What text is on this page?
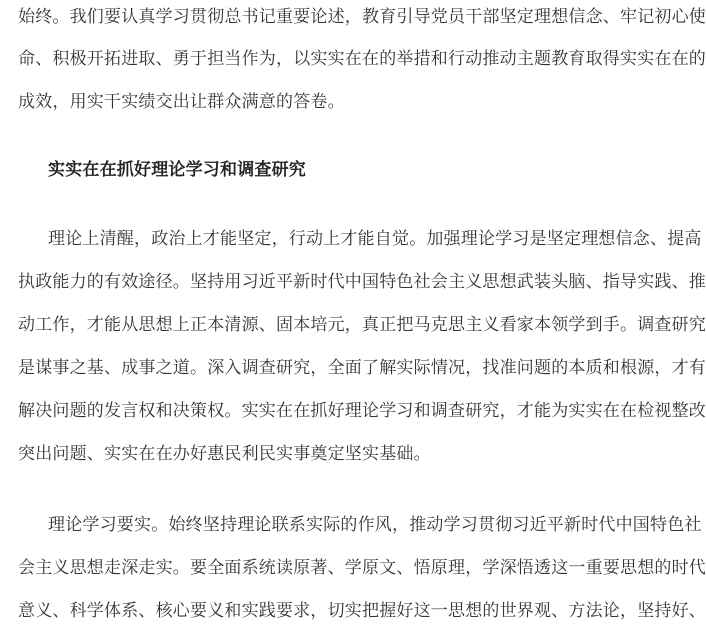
始终。我们要认真学习贯彻总书记重要论述，教育引导党员干部坚定理想信念、牢记初心使
命、积极开拓进取、勇于担当作为，以实实在在的举措和行动推动主题教育取得实实在在的
成效，用实干实绩交出让群众满意的答卷。
实实在在抓好理论学习和调查研究
理论上清醒，政治上才能坚定，行动上才能自觉。加强理论学习是坚定理想信念、提高
执政能力的有效途径。坚持用习近平新时代中国特色社会主义思想武装头脑、指导实践、推
动工作，才能从思想上正本清源、固本培元，真正把马克思主义看家本领学到手。调查研究
是谋事之基、成事之道。深入调查研究，全面了解实际情况，找准问题的本质和根源，才有
解决问题的发言权和决策权。实实在在抓好理论学习和调查研究，才能为实实在在检视整改
突出问题、实实在在办好惠民利民实事奠定坚实基础。
理论学习要实。始终坚持理论联系实际的作风，推动学习贯彻习近平新时代中国特色社
会主义思想走深走实。要全面系统读原著、学原文、悟原理，学深悟透这一重要思想的时代
意义、科学体系、核心要义和实践要求，切实把握好这一思想的世界观、方法论，坚持好、
